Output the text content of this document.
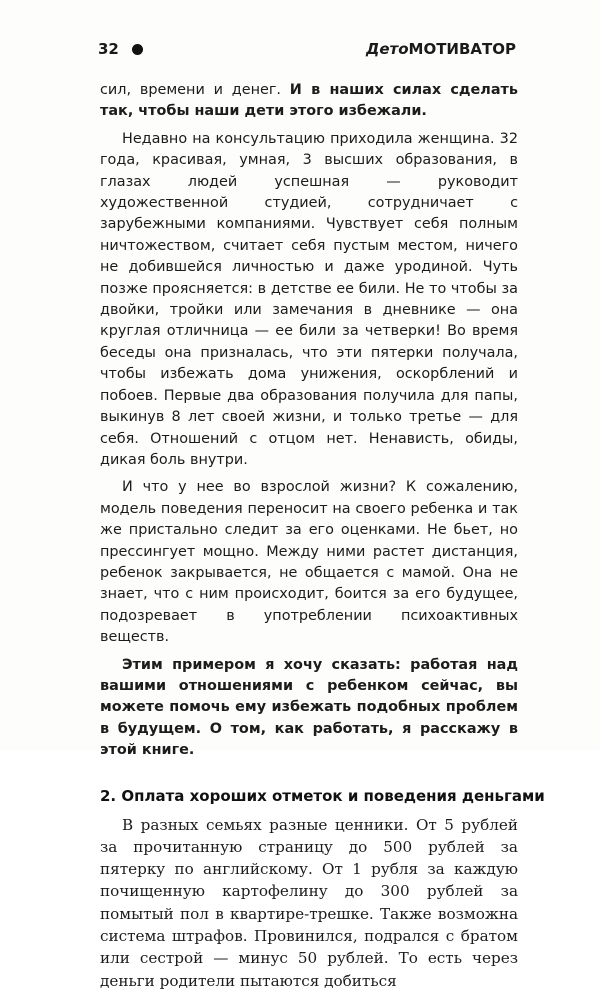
32	ДетоМОТИВАТОР

сил, времени и денег. И в наших силах сделать так, чтобы наши дети этого избежали.

Недавно на консультацию приходила женщина. 32 года, красивая, умная, 3 высших образования, в глазах людей успешная — руководит художественной студией, сотрудничает с зарубежными компаниями. Чувствует себя полным ничтожеством, считает себя пустым местом, ничего не добившейся личностью и даже уродиной. Чуть позже проясняется: в детстве ее били. Не то чтобы за двойки, тройки или замечания в дневнике — она круглая отличница — ее били за четверки! Во время беседы она призналась, что эти пятерки получала, чтобы избежать дома унижения, оскорблений и побоев. Первые два образования получила для папы, выкинув 8 лет своей жизни, и только третье — для себя. Отношений с отцом нет. Ненависть, обиды, дикая боль внутри.

И что у нее во взрослой жизни? К сожалению, модель поведения переносит на своего ребенка и так же пристально следит за его оценками. Не бьет, но прессингует мощно. Между ними растет дистанция, ребенок закрывается, не общается с мамой. Она не знает, что с ним происходит, боится за его будущее, подозревает в употреблении психоактивных веществ.

Этим примером я хочу сказать: работая над вашими отношениями с ребенком сейчас, вы можете помочь ему избежать подобных проблем в будущем. О том, как работать, я расскажу в этой книге.

2. Оплата хороших отметок и поведения деньгами

В разных семьях разные ценники. От 5 рублей за прочитанную страницу до 500 рублей за пятерку по английскому. От 1 рубля за каждую почищенную картофелину до 300 рублей за помытый пол в квартире-трешке. Также возможна система штрафов. Провинился, подрался с братом или сестрой — минус 50 рублей. То есть через деньги родители пытаются добиться
